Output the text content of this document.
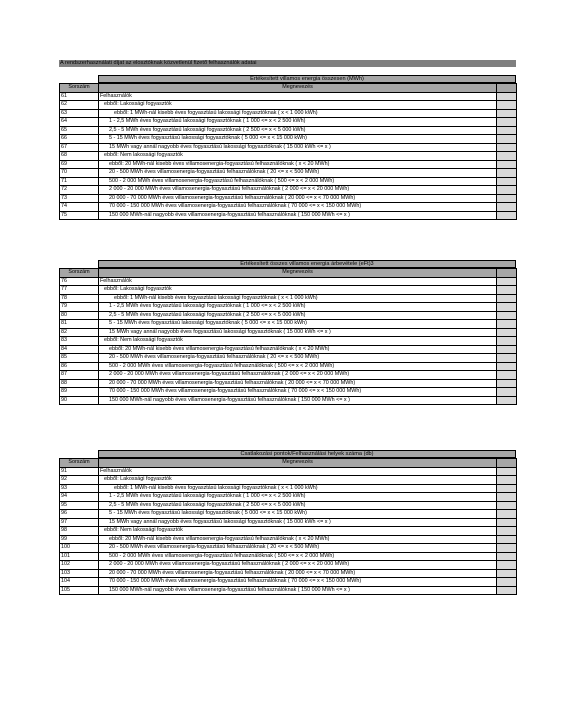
A rendszerhasználati díjat az elosztóknak közvetlenül fizető felhasználók adatai
Értékesített villamos energia összesen (MWh)
Sorszám	Megnevezés	
61	Felhasználók	
62	ebből: Lakossági fogyasztók	
63	ebből: 1 MWh-nál kisebb éves fogyasztású lakossági fogyasztóknak ( x < 1 000 kWh)	
64	1 - 2,5 MWh éves fogyasztású lakossági fogyasztóknak ( 1 000 <= x < 2 500 kWh)	
65	2,5 - 5 MWh éves fogyasztású lakossági fogyasztóknak ( 2 500 <= x < 5 000 kWh)	
66	5 - 15 MWh éves fogyasztású lakossági fogyasztóknak ( 5 000 <= x < 15 000 kWh)	
67	15 MWh vagy annál nagyobb éves fogyasztású lakossági fogyasztóknak ( 15 000 kWh <= x )	
68	ebből: Nem lakossági fogyasztók	
69	ebből: 20 MWh-nál kisebb éves villamosenergia-fogyasztású felhasználóknak ( x < 20 MWh)	
70	20 - 500 MWh éves villamosenergia-fogyasztású felhasználóknak ( 20 <= x < 500 MWh)	
71	500 - 2 000 MWh éves villamosenergia-fogyasztású felhasználóknak ( 500 <= x < 2 000 MWh)	
72	2 000 - 20 000 MWh éves villamosenergia-fogyasztású felhasználóknak ( 2 000 <= x < 20 000 MWh)	
73	20 000 - 70 000 MWh éves villamosenergia-fogyasztású felhasználóknak ( 20 000 <= x < 70 000 MWh)	
74	70 000 - 150 000 MWh éves villamosenergia-fogyasztású felhasználóknak ( 70 000 <= x < 150 000 MWh)	
75	150 000 MWh-nál nagyobb éves villamosenergia-fogyasztású felhasználóknak ( 150 000 MWh <= x )	
Értékesített összes villamos energia árbevétele (eFt)3
Sorszám	Megnevezés	
76	Felhasználók	
77	ebből: Lakossági fogyasztók	
78	ebből: 1 MWh-nál kisebb éves fogyasztású lakossági fogyasztóknak ( x < 1 000 kWh)	
79	1 - 2,5 MWh éves fogyasztású lakossági fogyasztóknak ( 1 000 <= x < 2 500 kWh)	
80	2,5 - 5 MWh éves fogyasztású lakossági fogyasztóknak ( 2 500 <= x < 5 000 kWh)	
81	5 - 15 MWh éves fogyasztású lakossági fogyasztóknak ( 5 000 <= x < 15 000 kWh)	
82	15 MWh vagy annál nagyobb éves fogyasztású lakossági fogyasztóknak ( 15 000 kWh <= x )	
83	ebből: Nem lakossági fogyasztók	
84	ebből: 20 MWh-nál kisebb éves villamosenergia-fogyasztású felhasználóknak ( x < 20 MWh)	
85	20 - 500 MWh éves villamosenergia-fogyasztású felhasználóknak ( 20 <= x < 500 MWh)	
86	500 - 2 000 MWh éves villamosenergia-fogyasztású felhasználóknak ( 500 <= x < 2 000 MWh)	
87	2 000 - 20 000 MWh éves villamosenergia-fogyasztású felhasználóknak ( 2 000 <= x < 20 000 MWh)	
88	20 000 - 70 000 MWh éves villamosenergia-fogyasztású felhasználóknak ( 20 000 <= x < 70 000 MWh)	
89	70 000 - 150 000 MWh éves villamosenergia-fogyasztású felhasználóknak ( 70 000 <= x < 150 000 MWh)	
90	150 000 MWh-nál nagyobb éves villamosenergia-fogyasztású felhasználóknak ( 150 000 MWh <= x )	
Csatlakozási pontok/Felhasználási helyek száma (db)
Sorszám	Megnevezés	
91	Felhasználók	
92	ebből: Lakossági fogyasztók	
93	ebből: 1 MWh-nál kisebb éves fogyasztású lakossági fogyasztóknak ( x < 1 000 kWh)	
94	1 - 2,5 MWh éves fogyasztású lakossági fogyasztóknak ( 1 000 <= x < 2 500 kWh)	
95	2,5 - 5 MWh éves fogyasztású lakossági fogyasztóknak ( 2 500 <= x < 5 000 kWh)	
96	5 - 15 MWh éves fogyasztású lakossági fogyasztóknak ( 5 000 <= x < 15 000 kWh)	
97	15 MWh vagy annál nagyobb éves fogyasztású lakossági fogyasztóknak ( 15 000 kWh <= x )	
98	ebből: Nem lakossági fogyasztók	
99	ebből: 20 MWh-nál kisebb éves villamosenergia-fogyasztású felhasználóknak ( x < 20 MWh)	
100	20 - 500 MWh éves villamosenergia-fogyasztású felhasználóknak ( 20 <= x < 500 MWh)	
101	500 - 2 000 MWh éves villamosenergia-fogyasztású felhasználóknak ( 500 <= x < 2 000 MWh)	
102	2 000 - 20 000 MWh éves villamosenergia-fogyasztású felhasználóknak ( 2 000 <= x < 20 000 MWh)	
103	20 000 - 70 000 MWh éves villamosenergia-fogyasztású felhasználóknak ( 20 000 <= x < 70 000 MWh)	
104	70 000 - 150 000 MWh éves villamosenergia-fogyasztású felhasználóknak ( 70 000 <= x < 150 000 MWh)	
105	150 000 MWh-nál nagyobb éves villamosenergia-fogyasztású felhasználóknak ( 150 000 MWh <= x )	
